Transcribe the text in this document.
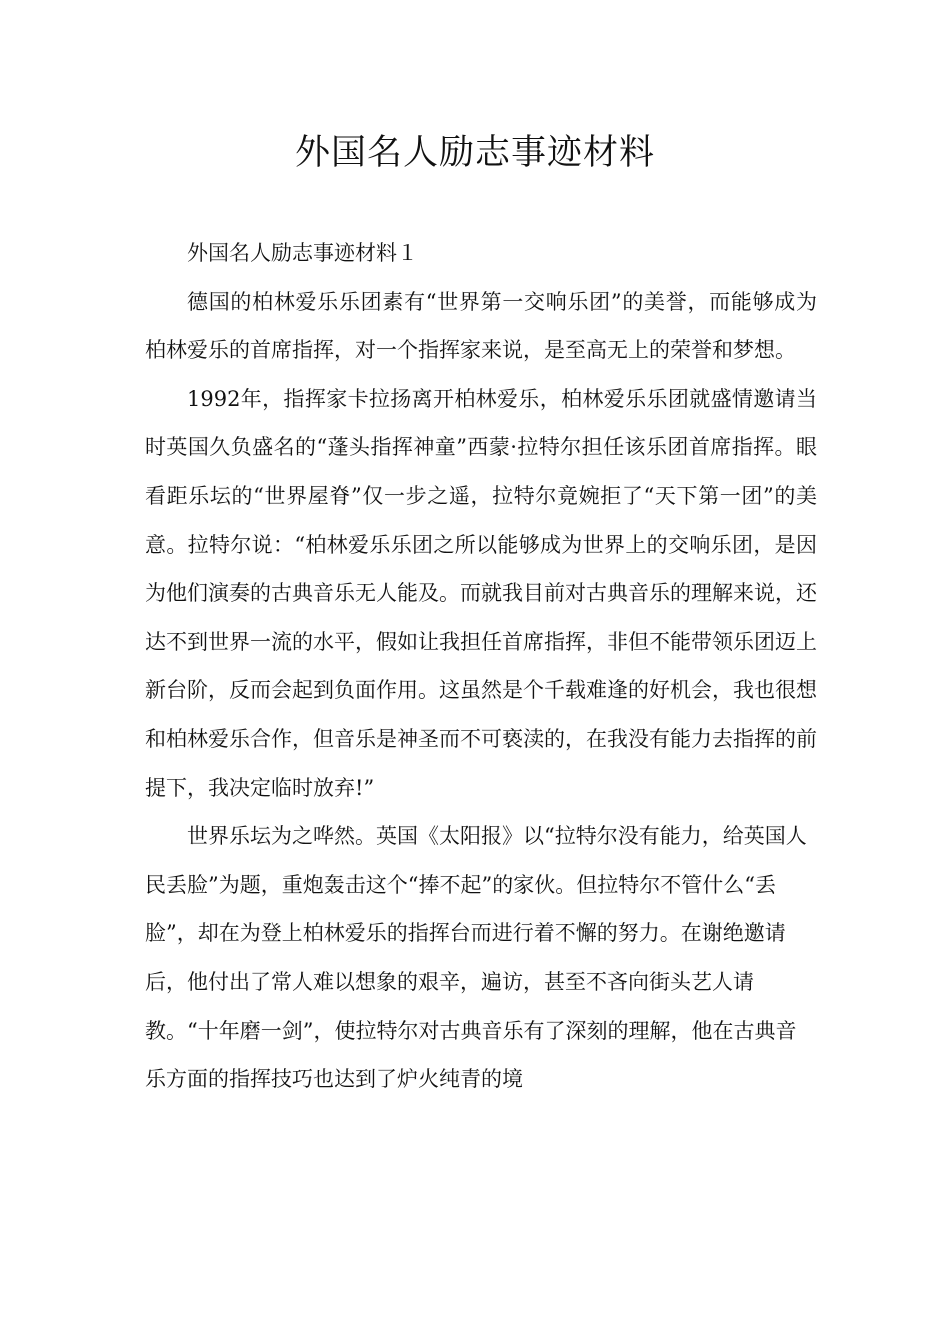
外国名人励志事迹材料

外国名人励志事迹材料１

德国的柏林爱乐乐团素有“世界第一交响乐团”的美誉，而能够成为柏林爱乐的首席指挥，对一个指挥家来说，是至高无上的荣誉和梦想。

1992年，指挥家卡拉扬离开柏林爱乐，柏林爱乐乐团就盛情邀请当时英国久负盛名的“蓬头指挥神童”西蒙·拉特尔担任该乐团首席指挥。眼看距乐坛的“世界屋脊”仅一步之遥，拉特尔竟婉拒了“天下第一团”的美意。拉特尔说：“柏林爱乐乐团之所以能够成为世界上的交响乐团，是因为他们演奏的古典音乐无人能及。而就我目前对古典音乐的理解来说，还达不到世界一流的水平，假如让我担任首席指挥，非但不能带领乐团迈上新台阶，反而会起到负面作用。这虽然是个千载难逢的好机会，我也很想和柏林爱乐合作，但音乐是神圣而不可亵渎的，在我没有能力去指挥的前提下，我决定临时放弃!”

世界乐坛为之哗然。英国《太阳报》以“拉特尔没有能力，给英国人民丢脸”为题，重炮轰击这个“捧不起”的家伙。但拉特尔不管什么“丢脸”，却在为登上柏林爱乐的指挥台而进行着不懈的努力。在谢绝邀请后，他付出了常人难以想象的艰辛，遍访，甚至不吝向街头艺人请教。“十年磨一剑”，使拉特尔对古典音乐有了深刻的理解，他在古典音乐方面的指挥技巧也达到了炉火纯青的境
